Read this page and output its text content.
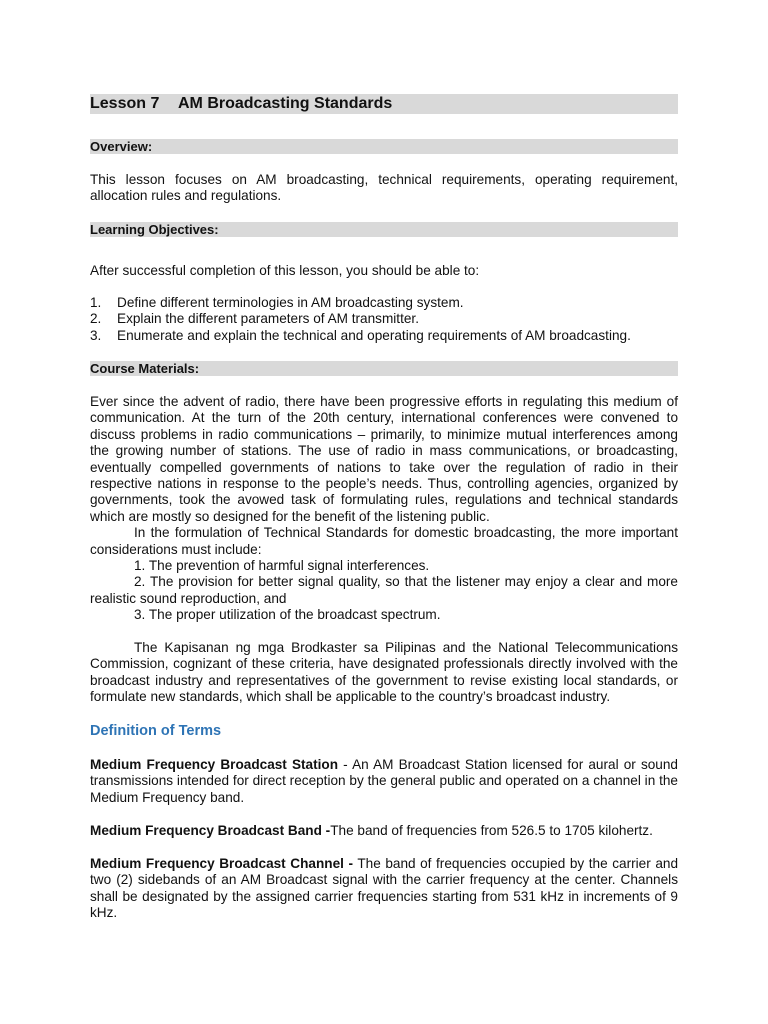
Lesson 7 AM Broadcasting Standards
Overview:

This lesson focuses on AM broadcasting, technical requirements, operating requirement, allocation rules and regulations.

Learning Objectives:

After successful completion of this lesson, you should be able to:

1.	Define different terminologies in AM broadcasting system.
2.	Explain the different parameters of AM transmitter.
3.	Enumerate and explain the technical and operating requirements of AM broadcasting.
Course Materials:

Ever since the advent of radio, there have been progressive efforts in regulating this medium of communication. At the turn of the 20th century, international conferences were convened to discuss problems in radio communications – primarily, to minimize mutual interferences among the growing number of stations. The use of radio in mass communications, or broadcasting, eventually compelled governments of nations to take over the regulation of radio in their respective nations in response to the people’s needs. Thus, controlling agencies, organized by governments, took the avowed task of formulating rules, regulations and technical standards which are mostly so designed for the benefit of the listening public.

In the formulation of Technical Standards for domestic broadcasting, the more important considerations must include:

1. The prevention of harmful signal interferences.

2. The provision for better signal quality, so that the listener may enjoy a clear and more realistic sound reproduction, and

3. The proper utilization of the broadcast spectrum.

The Kapisanan ng mga Brodkaster sa Pilipinas and the National Telecommunications Commission, cognizant of these criteria, have designated professionals directly involved with the broadcast industry and representatives of the government to revise existing local standards, or formulate new standards, which shall be applicable to the country’s broadcast industry.

Definition of Terms

Medium Frequency Broadcast Station - An AM Broadcast Station licensed for aural or sound transmissions intended for direct reception by the general public and operated on a channel in the Medium Frequency band.

Medium Frequency Broadcast Band -The band of frequencies from 526.5 to 1705 kilohertz.

Medium Frequency Broadcast Channel - The band of frequencies occupied by the carrier and two (2) sidebands of an AM Broadcast signal with the carrier frequency at the center. Channels shall be designated by the assigned carrier frequencies starting from 531 kHz in increments of 9 kHz.
